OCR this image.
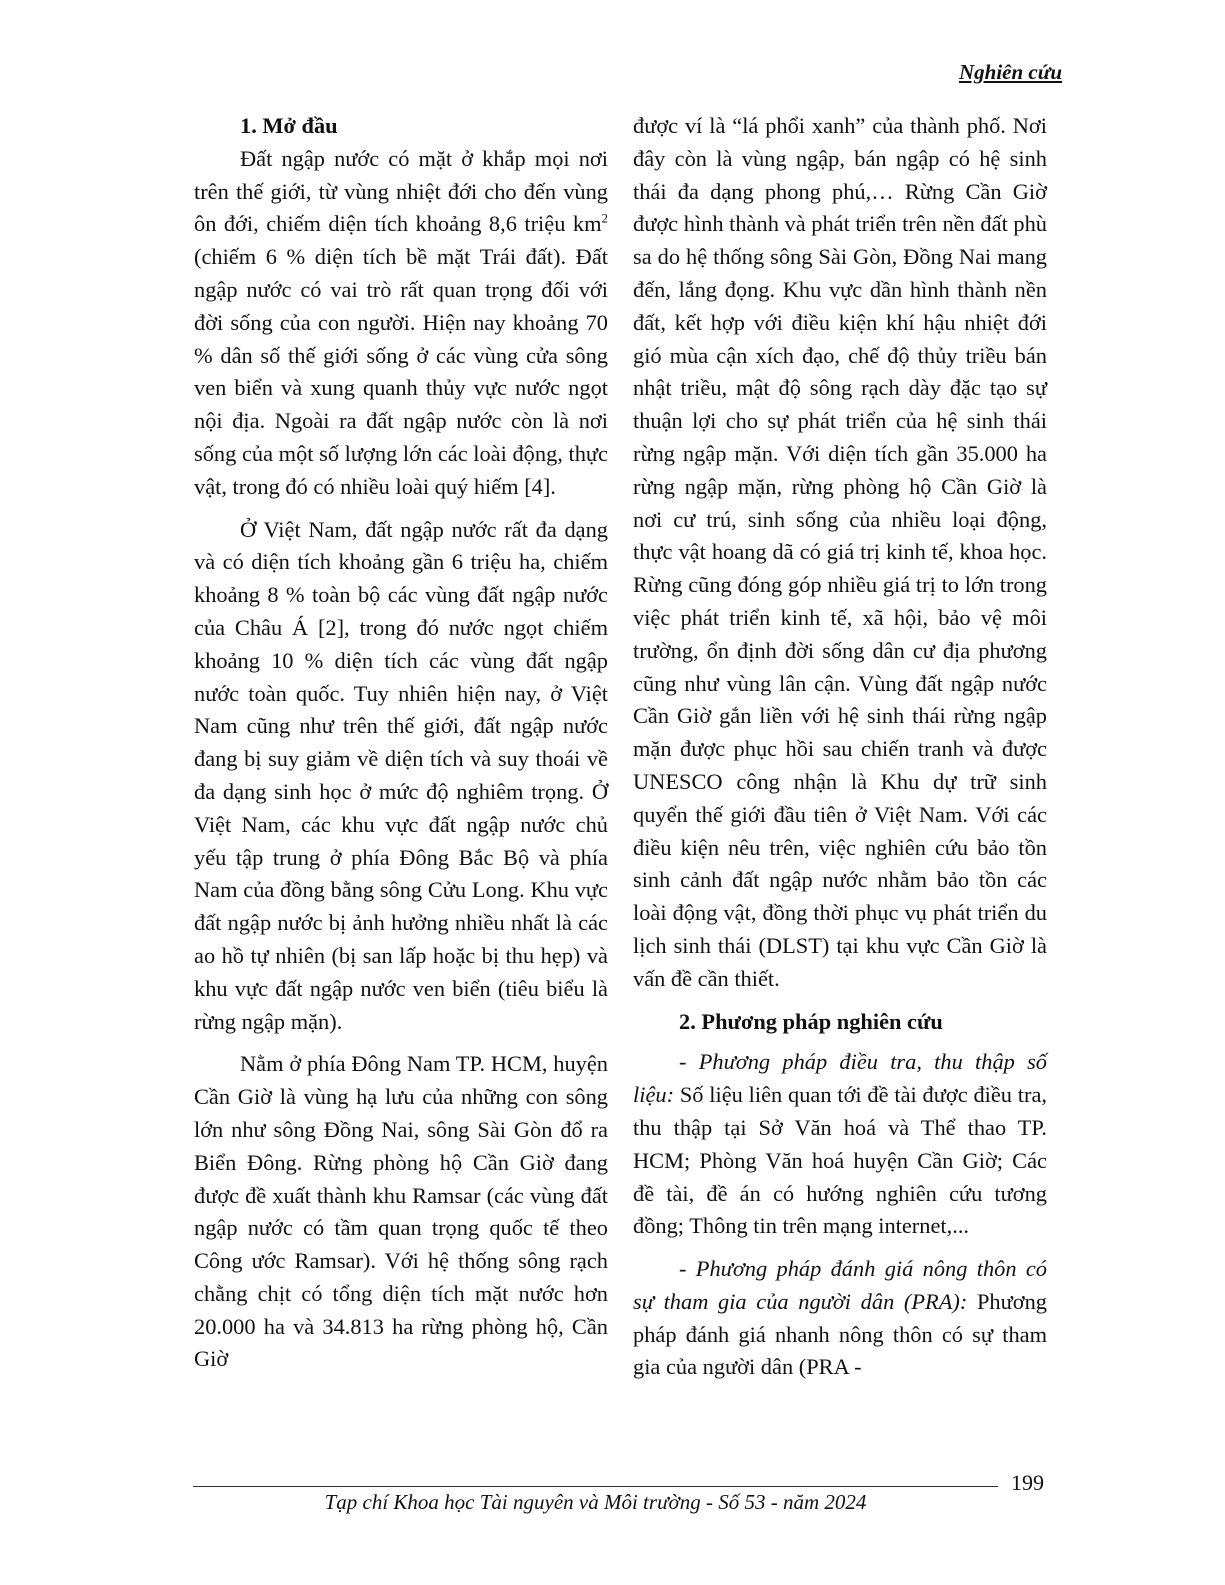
Nghiên cứu
1. Mở đầu

Đất ngập nước có mặt ở khắp mọi nơi trên thế giới, từ vùng nhiệt đới cho đến vùng ôn đới, chiếm diện tích khoảng 8,6 triệu $km^2$ (chiếm 6 % diện tích bề mặt Trái đất). Đất ngập nước có vai trò rất quan trọng đối với đời sống của con người. Hiện nay khoảng 70 % dân số thế giới sống ở các vùng cửa sông ven biển và xung quanh thủy vực nước ngọt nội địa. Ngoài ra đất ngập nước còn là nơi sống của một số lượng lớn các loài động, thực vật, trong đó có nhiều loài quý hiếm [4].

Ở Việt Nam, đất ngập nước rất đa dạng và có diện tích khoảng gần 6 triệu ha, chiếm khoảng 8 % toàn bộ các vùng đất ngập nước của Châu Á [2], trong đó nước ngọt chiếm khoảng 10 % diện tích các vùng đất ngập nước toàn quốc. Tuy nhiên hiện nay, ở Việt Nam cũng như trên thế giới, đất ngập nước đang bị suy giảm về diện tích và suy thoái về đa dạng sinh học ở mức độ nghiêm trọng. Ở Việt Nam, các khu vực đất ngập nước chủ yếu tập trung ở phía Đông Bắc Bộ và phía Nam của đồng bằng sông Cửu Long. Khu vực đất ngập nước bị ảnh hưởng nhiều nhất là các ao hồ tự nhiên (bị san lấp hoặc bị thu hẹp) và khu vực đất ngập nước ven biển (tiêu biểu là rừng ngập mặn).

Nằm ở phía Đông Nam TP. HCM, huyện Cần Giờ là vùng hạ lưu của những con sông lớn như sông Đồng Nai, sông Sài Gòn đổ ra Biển Đông. Rừng phòng hộ Cần Giờ đang được đề xuất thành khu Ramsar (các vùng đất ngập nước có tầm quan trọng quốc tế theo Công ước Ramsar). Với hệ thống sông rạch chằng chịt có tổng diện tích mặt nước hơn 20.000 ha và 34.813 ha rừng phòng hộ, Cần Giờ

được ví là “lá phổi xanh” của thành phố. Nơi đây còn là vùng ngập, bán ngập có hệ sinh thái đa dạng phong phú,… Rừng Cần Giờ được hình thành và phát triển trên nền đất phù sa do hệ thống sông Sài Gòn, Đồng Nai mang đến, lắng đọng. Khu vực dần hình thành nền đất, kết hợp với điều kiện khí hậu nhiệt đới gió mùa cận xích đạo, chế độ thủy triều bán nhật triều, mật độ sông rạch dày đặc tạo sự thuận lợi cho sự phát triển của hệ sinh thái rừng ngập mặn. Với diện tích gần 35.000 ha rừng ngập mặn, rừng phòng hộ Cần Giờ là nơi cư trú, sinh sống của nhiều loại động, thực vật hoang dã có giá trị kinh tế, khoa học. Rừng cũng đóng góp nhiều giá trị to lớn trong việc phát triển kinh tế, xã hội, bảo vệ môi trường, ổn định đời sống dân cư địa phương cũng như vùng lân cận. Vùng đất ngập nước Cần Giờ gắn liền với hệ sinh thái rừng ngập mặn được phục hồi sau chiến tranh và được UNESCO công nhận là Khu dự trữ sinh quyển thế giới đầu tiên ở Việt Nam. Với các điều kiện nêu trên, việc nghiên cứu bảo tồn sinh cảnh đất ngập nước nhằm bảo tồn các loài động vật, đồng thời phục vụ phát triển du lịch sinh thái (DLST) tại khu vực Cần Giờ là vấn đề cần thiết.

2. Phương pháp nghiên cứu

- Phương pháp điều tra, thu thập số liệu: Số liệu liên quan tới đề tài được điều tra, thu thập tại Sở Văn hoá và Thể thao TP. HCM; Phòng Văn hoá huyện Cần Giờ; Các đề tài, đề án có hướng nghiên cứu tương đồng; Thông tin trên mạng internet,...

- Phương pháp đánh giá nông thôn có sự tham gia của người dân (PRA): Phương pháp đánh giá nhanh nông thôn có sự tham gia của người dân (PRA -

199
Tạp chí Khoa học Tài nguyên và Môi trường - Số 53 - năm 2024
